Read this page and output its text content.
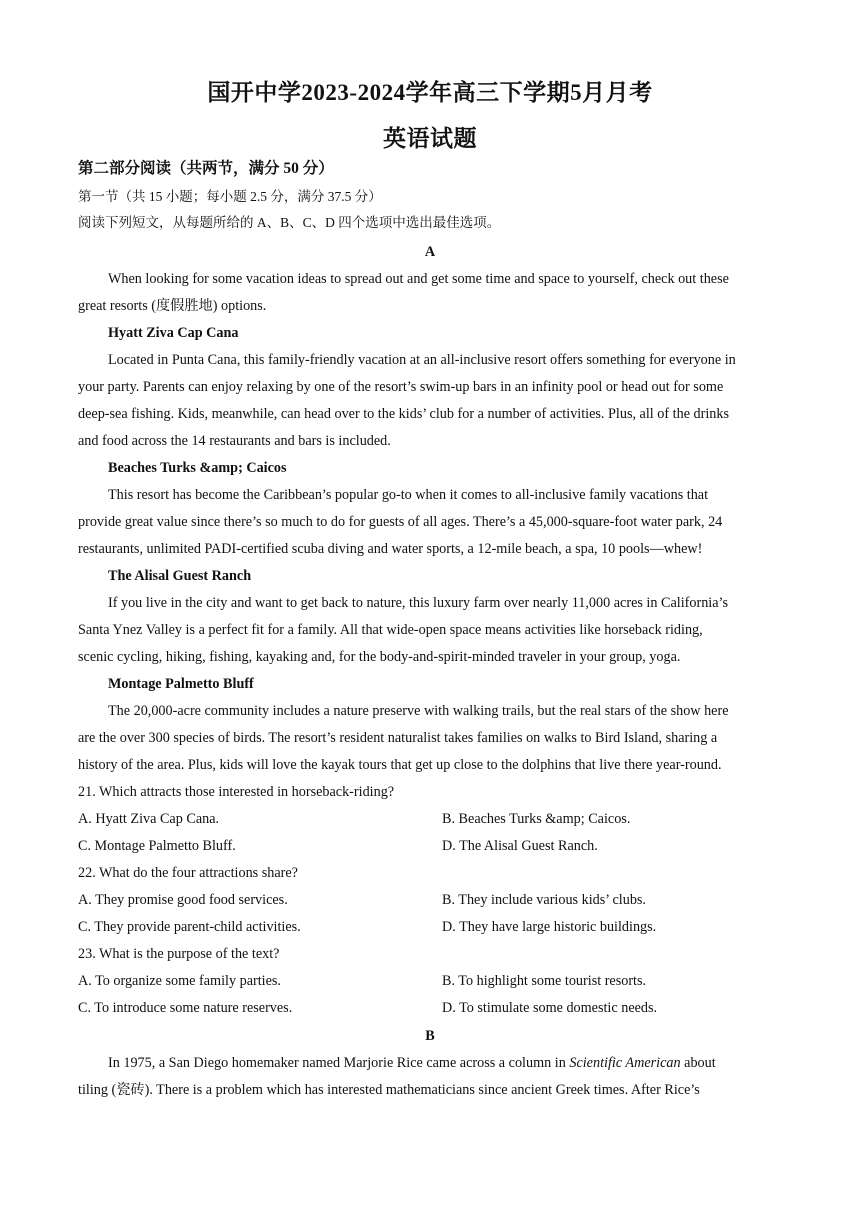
国开中学2023-2024学年高三下学期5月月考
英语试题
第二部分阅读（共两节，满分 50 分）
第一节（共 15 小题；每小题 2.5 分，满分 37.5 分）
阅读下列短文，从每题所给的 A、B、C、D 四个选项中选出最佳选项。
A
When looking for some vacation ideas to spread out and get some time and space to yourself, check out these
great resorts (度假胜地) options.
Hyatt Ziva Cap Cana
Located in Punta Cana, this family-friendly vacation at an all-inclusive resort offers something for everyone in
your party. Parents can enjoy relaxing by one of the resort’s swim-up bars in an infinity pool or head out for some
deep-sea fishing. Kids, meanwhile, can head over to the kids’ club for a number of activities. Plus, all of the drinks
and food across the 14 restaurants and bars is included.
Beaches Turks &amp; Caicos
This resort has become the Caribbean’s popular go-to when it comes to all-inclusive family vacations that
provide great value since there’s so much to do for guests of all ages. There’s a 45,000-square-foot water park, 24
restaurants, unlimited PADI-certified scuba diving and water sports, a 12-mile beach, a spa, 10 pools—whew!
The Alisal Guest Ranch
If you live in the city and want to get back to nature, this luxury farm over nearly 11,000 acres in California’s
Santa Ynez Valley is a perfect fit for a family. All that wide-open space means activities like horseback riding,
scenic cycling, hiking, fishing, kayaking and, for the body-and-spirit-minded traveler in your group, yoga.
Montage Palmetto Bluff
The 20,000-acre community includes a nature preserve with walking trails, but the real stars of the show here
are the over 300 species of birds. The resort’s resident naturalist takes families on walks to Bird Island, sharing a
history of the area. Plus, kids will love the kayak tours that get up close to the dolphins that live there year-round.
21. Which attracts those interested in horseback-riding?
A. Hyatt Ziva Cap Cana.	B. Beaches Turks &amp; Caicos.
C. Montage Palmetto Bluff.	D. The Alisal Guest Ranch.
22. What do the four attractions share?
A. They promise good food services.	B. They include various kids’ clubs.
C. They provide parent-child activities.	D. They have large historic buildings.
23. What is the purpose of the text?
A. To organize some family parties.	B. To highlight some tourist resorts.
C. To introduce some nature reserves.	D. To stimulate some domestic needs.
B
In 1975, a San Diego homemaker named Marjorie Rice came across a column in Scientific American about
tiling (瓷砖). There is a problem which has interested mathematicians since ancient Greek times. After Rice’s
